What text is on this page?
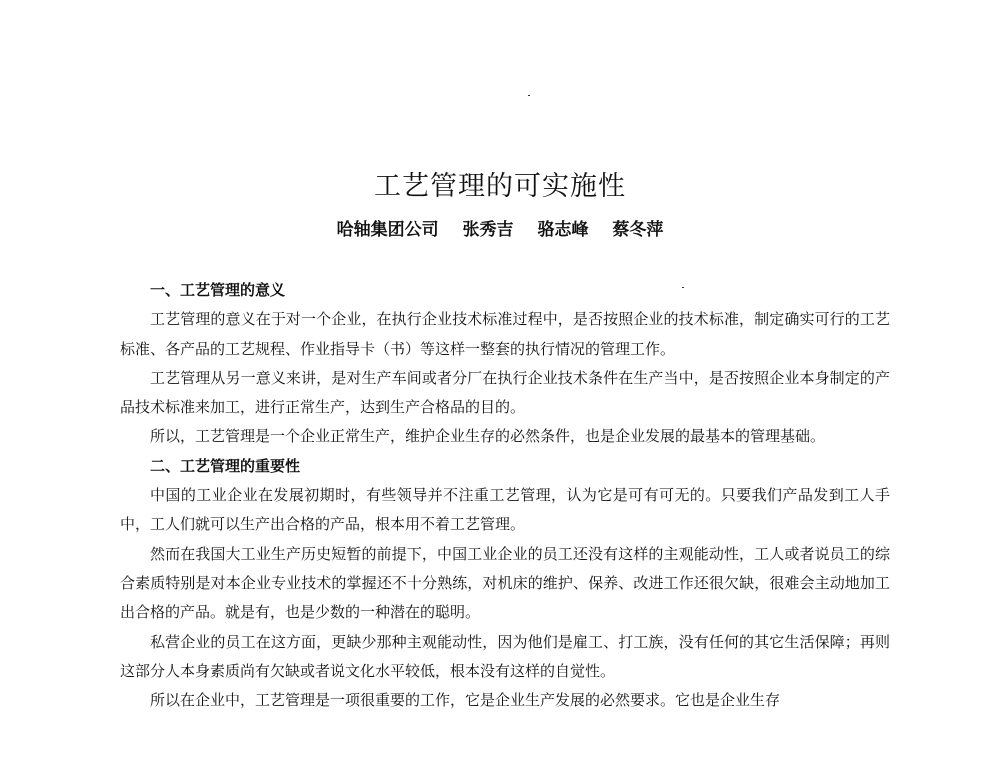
工艺管理的可实施性
哈轴集团公司 张秀吉 骆志峰 蔡冬萍
一、工艺管理的意义

工艺管理的意义在于对一个企业，在执行企业技术标准过程中，是否按照企业的技术标准，制定确实可行的工艺标准、各产品的工艺规程、作业指导卡（书）等这样一整套的执行情况的管理工作。

工艺管理从另一意义来讲，是对生产车间或者分厂在执行企业技术条件在生产当中，是否按照企业本身制定的产品技术标准来加工，进行正常生产，达到生产合格品的目的。

所以，工艺管理是一个企业正常生产，维护企业生存的必然条件，也是企业发展的最基本的管理基础。

二、工艺管理的重要性

中国的工业企业在发展初期时，有些领导并不注重工艺管理，认为它是可有可无的。只要我们产品发到工人手中，工人们就可以生产出合格的产品，根本用不着工艺管理。

然而在我国大工业生产历史短暂的前提下，中国工业企业的员工还没有这样的主观能动性，工人或者说员工的综合素质特别是对本企业专业技术的掌握还不十分熟练，对机床的维护、保养、改进工作还很欠缺，很难会主动地加工出合格的产品。就是有，也是少数的一种潜在的聪明。

私营企业的员工在这方面，更缺少那种主观能动性，因为他们是雇工、打工族，没有任何的其它生活保障；再则这部分人本身素质尚有欠缺或者说文化水平较低，根本没有这样的自觉性。

所以在企业中，工艺管理是一项很重要的工作，它是企业生产发展的必然要求。它也是企业生存
